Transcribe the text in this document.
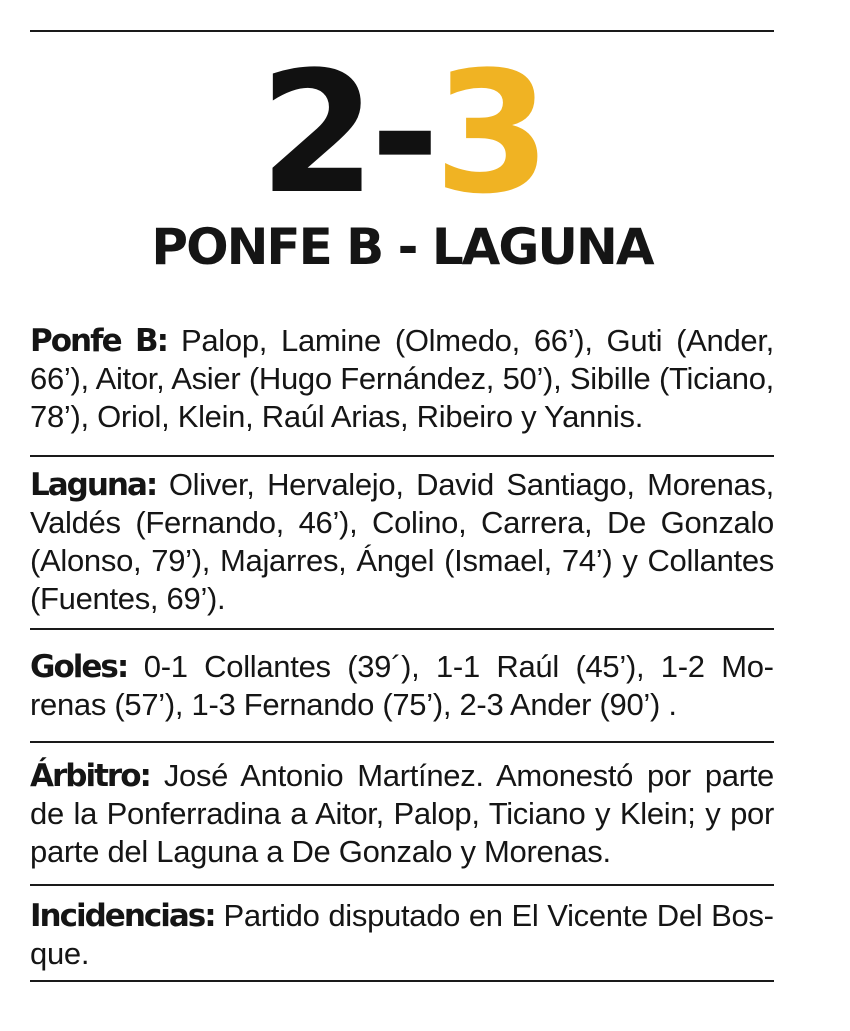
2-3
PONFE B - LAGUNA
Ponfe B: Palop, Lamine (Olmedo, 66’), Guti (Ander, 66’), Aitor, Asier (Hugo Fernández, 50’), Sibille (Ticiano, 78’), Oriol, Klein, Raúl Arias, Ribeiro y Yannis.
Laguna: Oliver, Hervalejo, David Santiago, Morenas, Valdés (Fernando, 46’), Colino, Carrera, De Gonzalo (Alonso, 79’), Majarres, Ángel (Ismael, 74’) y Collantes (Fuentes, 69’).
Goles: 0-1 Collantes (39´), 1-1 Raúl (45’), 1-2 Morenas (57’), 1-3 Fernando (75’), 2-3 Ander (90’) .
Árbitro: José Antonio Martínez. Amonestó por parte de la Ponferradina a Aitor, Palop, Ticiano y Klein; y por parte del Laguna a De Gonzalo y Morenas.
Incidencias: Partido disputado en El Vicente Del Bosque.
